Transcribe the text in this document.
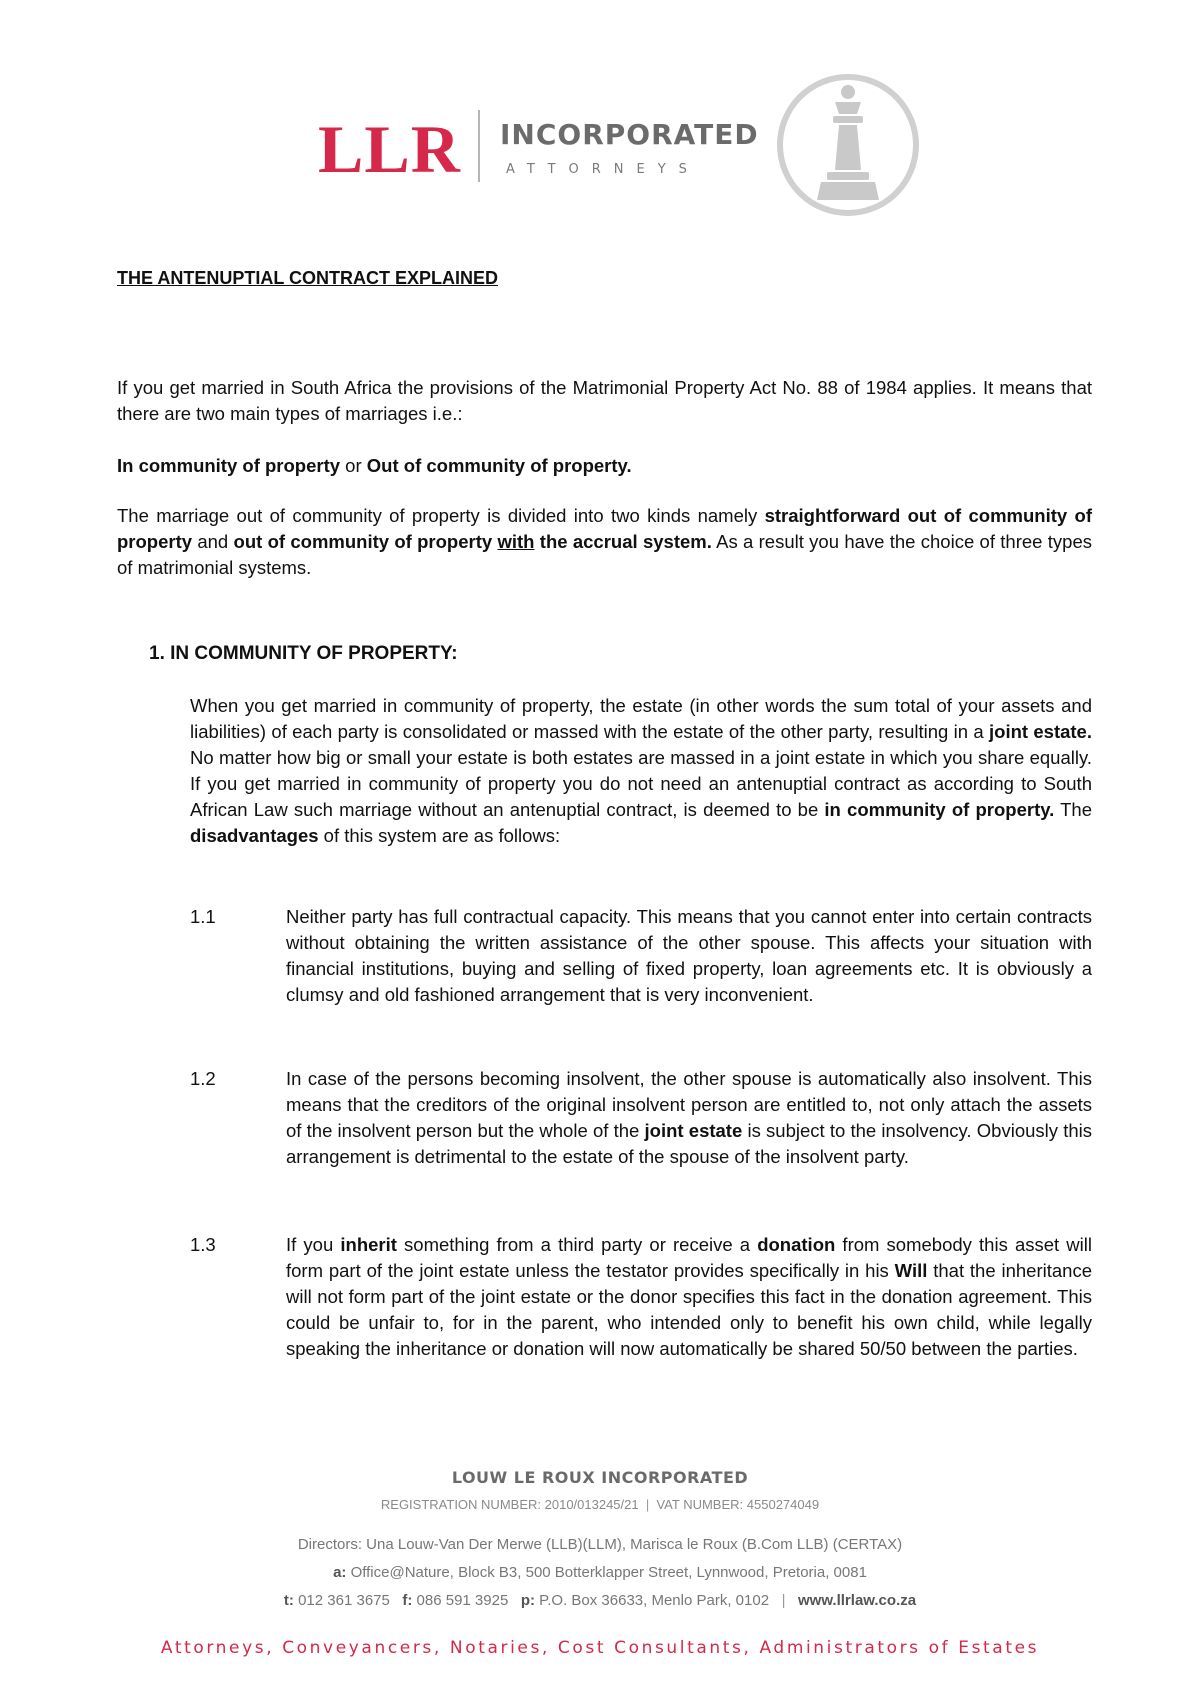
LLR INCORPORATED
ATTORNEYS
THE ANTENUPTIAL CONTRACT EXPLAINED

If you get married in South Africa the provisions of the Matrimonial Property Act No. 88 of 1984 applies. It means that there are two main types of marriages i.e.:

In community of property or Out of community of property.

The marriage out of community of property is divided into two kinds namely straightforward out of community of property and out of community of property with the accrual system. As a result you have the choice of three types of matrimonial systems.

1. IN COMMUNITY OF PROPERTY:

When you get married in community of property, the estate (in other words the sum total of your assets and liabilities) of each party is consolidated or massed with the estate of the other party, resulting in a joint estate. No matter how big or small your estate is both estates are massed in a joint estate in which you share equally. If you get married in community of property you do not need an antenuptial contract as according to South African Law such marriage without an antenuptial contract, is deemed to be in community of property. The disadvantages of this system are as follows:

1.1	Neither party has full contractual capacity. This means that you cannot enter into certain contracts without obtaining the written assistance of the other spouse. This affects your situation with financial institutions, buying and selling of fixed property, loan agreements etc. It is obviously a clumsy and old fashioned arrangement that is very inconvenient.

1.2	In case of the persons becoming insolvent, the other spouse is automatically also insolvent. This means that the creditors of the original insolvent person are entitled to, not only attach the assets of the insolvent person but the whole of the joint estate is subject to the insolvency. Obviously this arrangement is detrimental to the estate of the spouse of the insolvent party.

1.3	If you inherit something from a third party or receive a donation from somebody this asset will form part of the joint estate unless the testator provides specifically in his Will that the inheritance will not form part of the joint estate or the donor specifies this fact in the donation agreement. This could be unfair to, for in the parent, who intended only to benefit his own child, while legally speaking the inheritance or donation will now automatically be shared 50/50 between the parties.

LOUW LE ROUX INCORPORATED

REGISTRATION NUMBER: 2010/013245/21 | VAT NUMBER: 4550274049

Directors: Una Louw-Van Der Merwe (LLB)(LLM), Marisca le Roux (B.Com LLB) (CERTAX)

a: Office@Nature, Block B3, 500 Botterklapper Street, Lynnwood, Pretoria, 0081

t: 012 361 3675 f: 086 591 3925 p: P.O. Box 36633, Menlo Park, 0102 | www.llrlaw.co.za

Attorneys, Conveyancers, Notaries, Cost Consultants, Administrators of Estates
